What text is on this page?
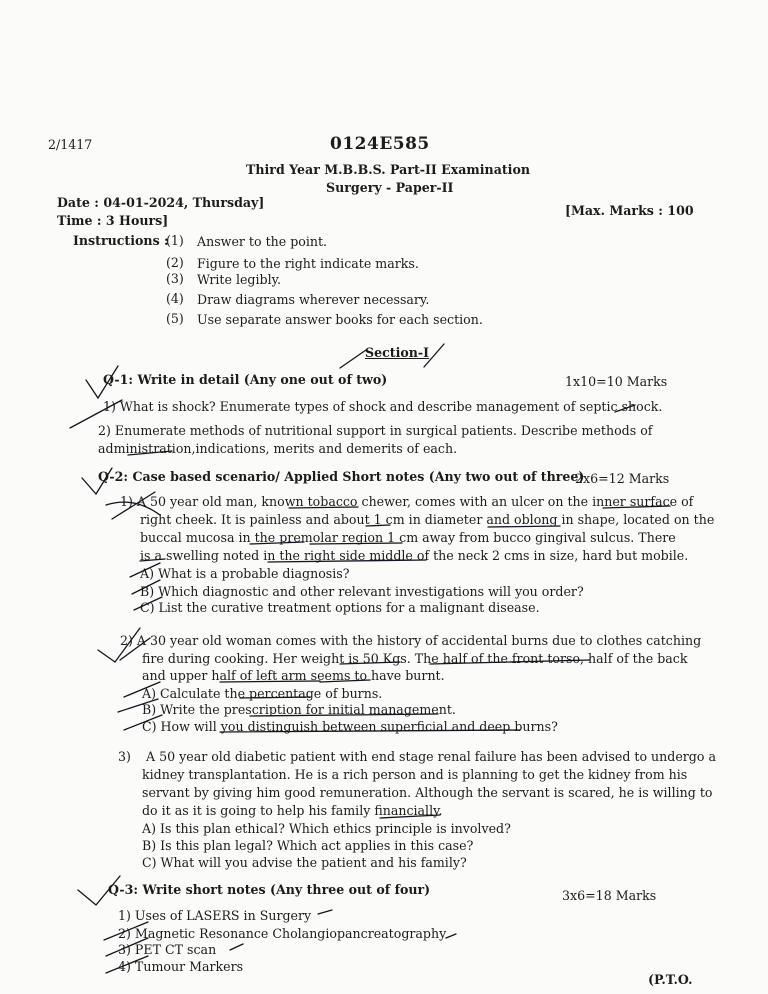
2/1417	0124E585
Third Year M.B.B.S. Part-II Examination
Surgery - Paper-II
Date : 04-01-2024, Thursday]
Time : 3 Hours]
[Max. Marks : 100
Instructions :
(1) Answer to the point.
(2) Figure to the right indicate marks.
(3) Write legibly.
(4) Draw diagrams wherever necessary.
(5) Use separate answer books for each section.
Section-I
Q-1: Write in detail (Any one out of two)	1x10=10 Marks
1) What is shock? Enumerate types of shock and describe management of septic shock.
2) Enumerate methods of nutritional support in surgical patients. Describe methods of
administration,indications, merits and demerits of each.
Q-2: Case based scenario/ Applied Short notes (Any two out of three)
2x6=12 Marks
1) A 50 year old man, known tobacco chewer, comes with an ulcer on the inner surface of
right cheek. It is painless and about 1 cm in diameter and oblong in shape, located on the
buccal mucosa in the premolar region 1 cm away from bucco gingival sulcus. There
is a swelling noted in the right side middle of the neck 2 cms in size, hard but mobile.
A) What is a probable diagnosis?
B) Which diagnostic and other relevant investigations will you order?
C) List the curative treatment options for a malignant disease.
2) A 30 year old woman comes with the history of accidental burns due to clothes catching
fire during cooking. Her weight is 50 Kgs. The half of the front torso, half of the back
and upper half of left arm seems to have burnt.
A) Calculate the percentage of burns.
B) Write the prescription for initial management.
C) How will you distinguish between superficial and deep burns?
3) A 50 year old diabetic patient with end stage renal failure has been advised to undergo a
kidney transplantation. He is a rich person and is planning to get the kidney from his
servant by giving him good remuneration. Although the servant is scared, he is willing to
do it as it is going to help his family financially.
A) Is this plan ethical? Which ethics principle is involved?
B) Is this plan legal? Which act applies in this case?
C) What will you advise the patient and his family?
Q-3: Write short notes (Any three out of four)	3x6=18 Marks
1) Uses of LASERS in Surgery
2) Magnetic Resonance Cholangiopancreatography
3) PET CT scan
4) Tumour Markers
(P.T.O.
